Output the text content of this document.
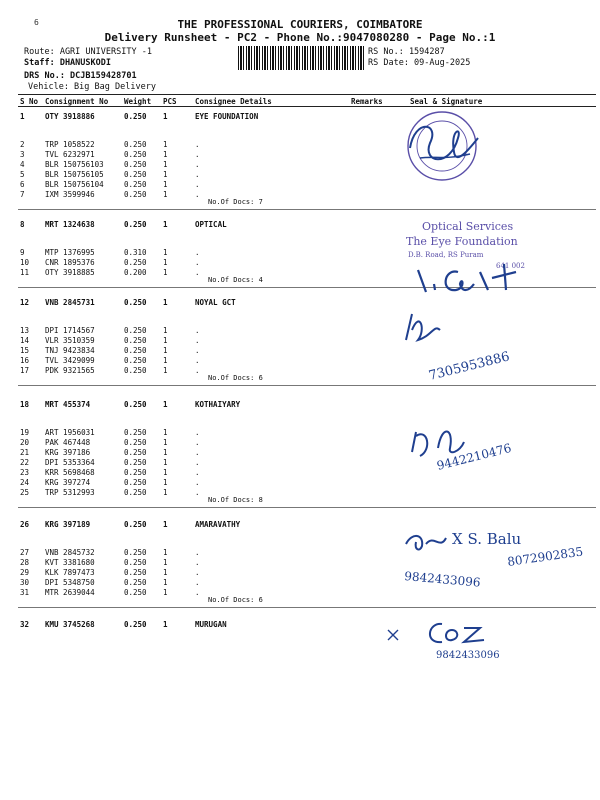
6	THE PROFESSIONAL COURIERS, COIMBATORE
Delivery Runsheet - PC2 - Phone No.:9047080280 - Page No.:1
Route: AGRI UNIVERSITY -1
Staff: DHANUSKODI
DRS No.: DCJB159428701
Vehicle: Big Bag Delivery
RS No.: 1594287
RS Date: 09-Aug-2025
S No Consignment No Weight PCS Consignee Details	Remarks	Seal & Signature
1	OTY 3918886	0.250 1	EYE FOUNDATION
2	TRP 1058522	0.250 1	.
3	TVL 6232971	0.250 1	.
4	BLR 150756103	0.250 1	.
5	BLR 150756105	0.250 1	.
6	BLR 150756104	0.250 1	.
7	IXM 3599946	0.250 1	.
No.Of Docs: 7
8	MRT 1324638	0.250 1	OPTICAL
9	MTP 1376995	0.310 1	.
10 CNR 1895376	0.250 1	.
11 OTY 3918885	0.200 1	.
No.Of Docs: 4
12 VNB 2845731	0.250 1	NOYAL GCT
13 DPI 1714567	0.250 1	.
14 VLR 3510359	0.250 1	.
15 TNJ 9423834	0.250 1	.
16 TVL 3429099	0.250 1	.
17 PDK 9321565	0.250 1	.
No.Of Docs: 6
18 MRT 455374	0.250 1	KOTHAIYARY
19 ART 1956031	0.250 1	.
20 PAK 467448	0.250 1	.
21 KRG 397186	0.250 1	.
22 DPI 5353364	0.250 1	.
23 KRR 5698468	0.250 1	.
24 KRG 397274	0.250 1	.
25 TRP 5312993	0.250 1	.
No.Of Docs: 8
26 KRG 397189	0.250 1	AMARAVATHY
27 VNB 2845732	0.250 1	.
28 KVT 3381680	0.250 1	.
29 KLK 7897473	0.250 1	.
30 DPI 5348750	0.250 1	.
31 MTR 2639044	0.250 1	.
No.Of Docs: 6
32 KMU 3745268	0.250 1	MURUGAN
Optical Services
The Eye Foundation
D.B. Road, RS Puram
641 002
7305953886
9442210476
X S. Balu
8072902835
9842433096
9842433096
